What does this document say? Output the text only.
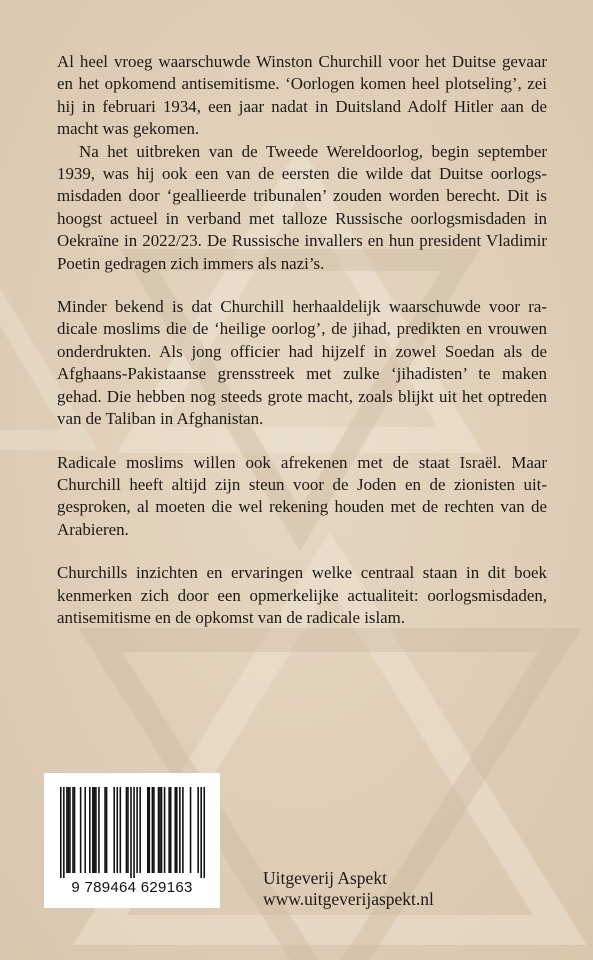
Al heel vroeg waarschuwde Winston Churchill voor het Duitse gevaar en het opkomend antisemitisme. ‘Oorlogen komen heel plotseling’, zei hij in februari 1934, een jaar nadat in Duitsland Adolf Hitler aan de macht was gekomen.

Na het uitbreken van de Tweede Wereldoorlog, begin september 1939, was hij ook een van de eersten die wilde dat Duitse oorlogsmisdaden door ‘geallieerde tribunalen’ zouden worden berecht. Dit is hoogst actueel in verband met talloze Russische oorlogsmisdaden in Oekraïne in 2022/23. De Russische invallers en hun president Vladimir Poetin gedragen zich immers als nazi’s.

Minder bekend is dat Churchill herhaaldelijk waarschuwde voor radicale moslims die de ‘heilige oorlog’, de jihad, predikten en vrouwen onderdrukten. Als jong officier had hijzelf in zowel Soedan als de Afghaans-Pakistaanse grensstreek met zulke ‘jihadisten’ te maken gehad. Die hebben nog steeds grote macht, zoals blijkt uit het optreden van de Taliban in Afghanistan.

Radicale moslims willen ook afrekenen met de staat Israël. Maar Churchill heeft altijd zijn steun voor de Joden en de zionisten uitgesproken, al moeten die wel rekening houden met de rechten van de Arabieren.

Churchills inzichten en ervaringen welke centraal staan in dit boek kenmerken zich door een opmerkelijke actualiteit: oorlogsmisdaden, antisemitisme en de opkomst van de radicale islam.

9 789464 629163	Uitgeverij Aspekt
www.uitgeverijaspekt.nl
